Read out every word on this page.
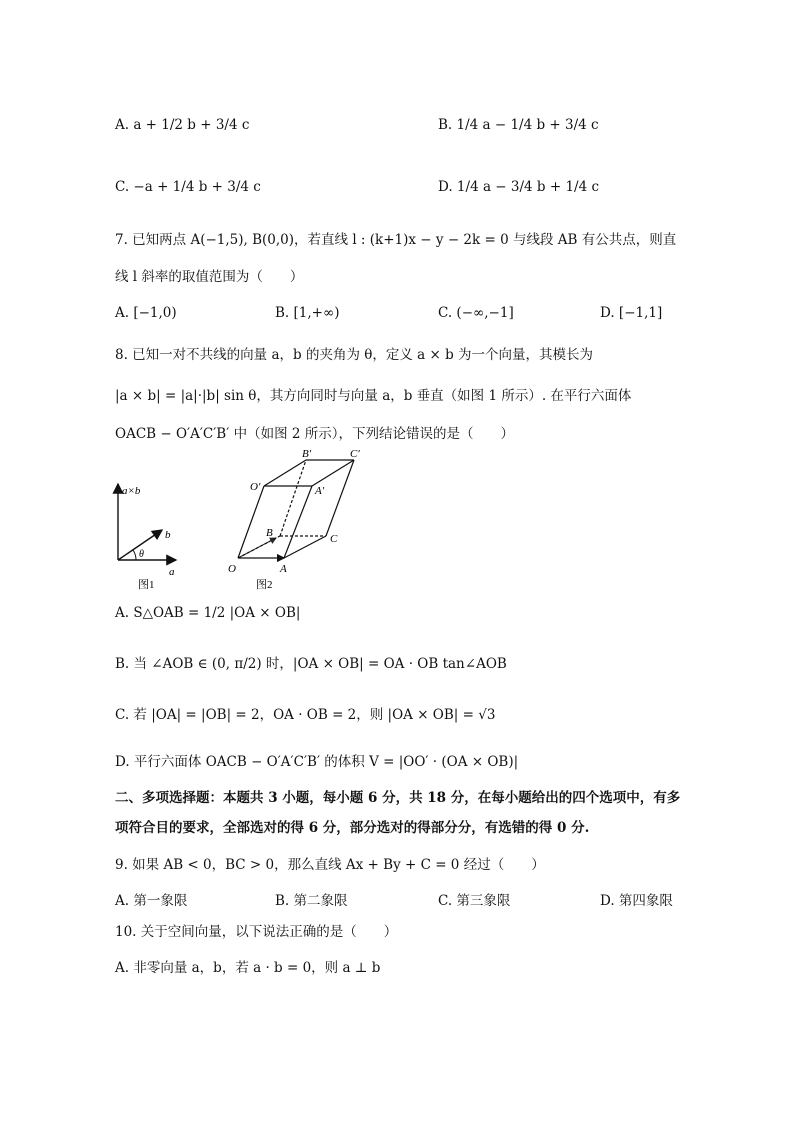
A. a + 1/2 b + 3/4 c	B. 1/4 a − 1/4 b + 3/4 c
C. −a + 1/4 b + 3/4 c	D. 1/4 a − 3/4 b + 1/4 c
7. 已知两点 A(−1,5), B(0,0)，若直线 l : (k+1)x − y − 2k = 0 与线段 AB 有公共点，则直
线 l 斜率的取值范围为（　　）
A. [−1,0)	B. [1,+∞)	C. (−∞,−1]	D. [−1,1]
8. 已知一对不共线的向量 a，b 的夹角为 θ，定义 a × b 为一个向量，其模长为
|a × b| = |a|·|b| sin θ，其方向同时与向量 a，b 垂直（如图 1 所示）. 在平行六面体
OACB − O′A′C′B′ 中（如图 2 所示），下列结论错误的是（　　）
a×b
b
θ
a
图1
O	A
B	C
O′	A′
B′	C′
图2
A. S△OAB = 1/2 |OA × OB|
B. 当 ∠AOB ∈ (0, π/2) 时，|OA × OB| = OA · OB tan∠AOB
C. 若 |OA| = |OB| = 2，OA · OB = 2，则 |OA × OB| = √3
D. 平行六面体 OACB − O′A′C′B′ 的体积 V = |OO′ · (OA × OB)|
二、多项选择题：本题共 3 小题，每小题 6 分，共 18 分，在每小题给出的四个选项中，有多
项符合目的要求，全部选对的得 6 分，部分选对的得部分分，有选错的得 0 分.
9. 如果 AB < 0，BC > 0，那么直线 Ax + By + C = 0 经过（　　）
A. 第一象限	B. 第二象限	C. 第三象限	D. 第四象限
10. 关于空间向量，以下说法正确的是（　　）
A. 非零向量 a，b，若 a · b = 0，则 a ⊥ b
